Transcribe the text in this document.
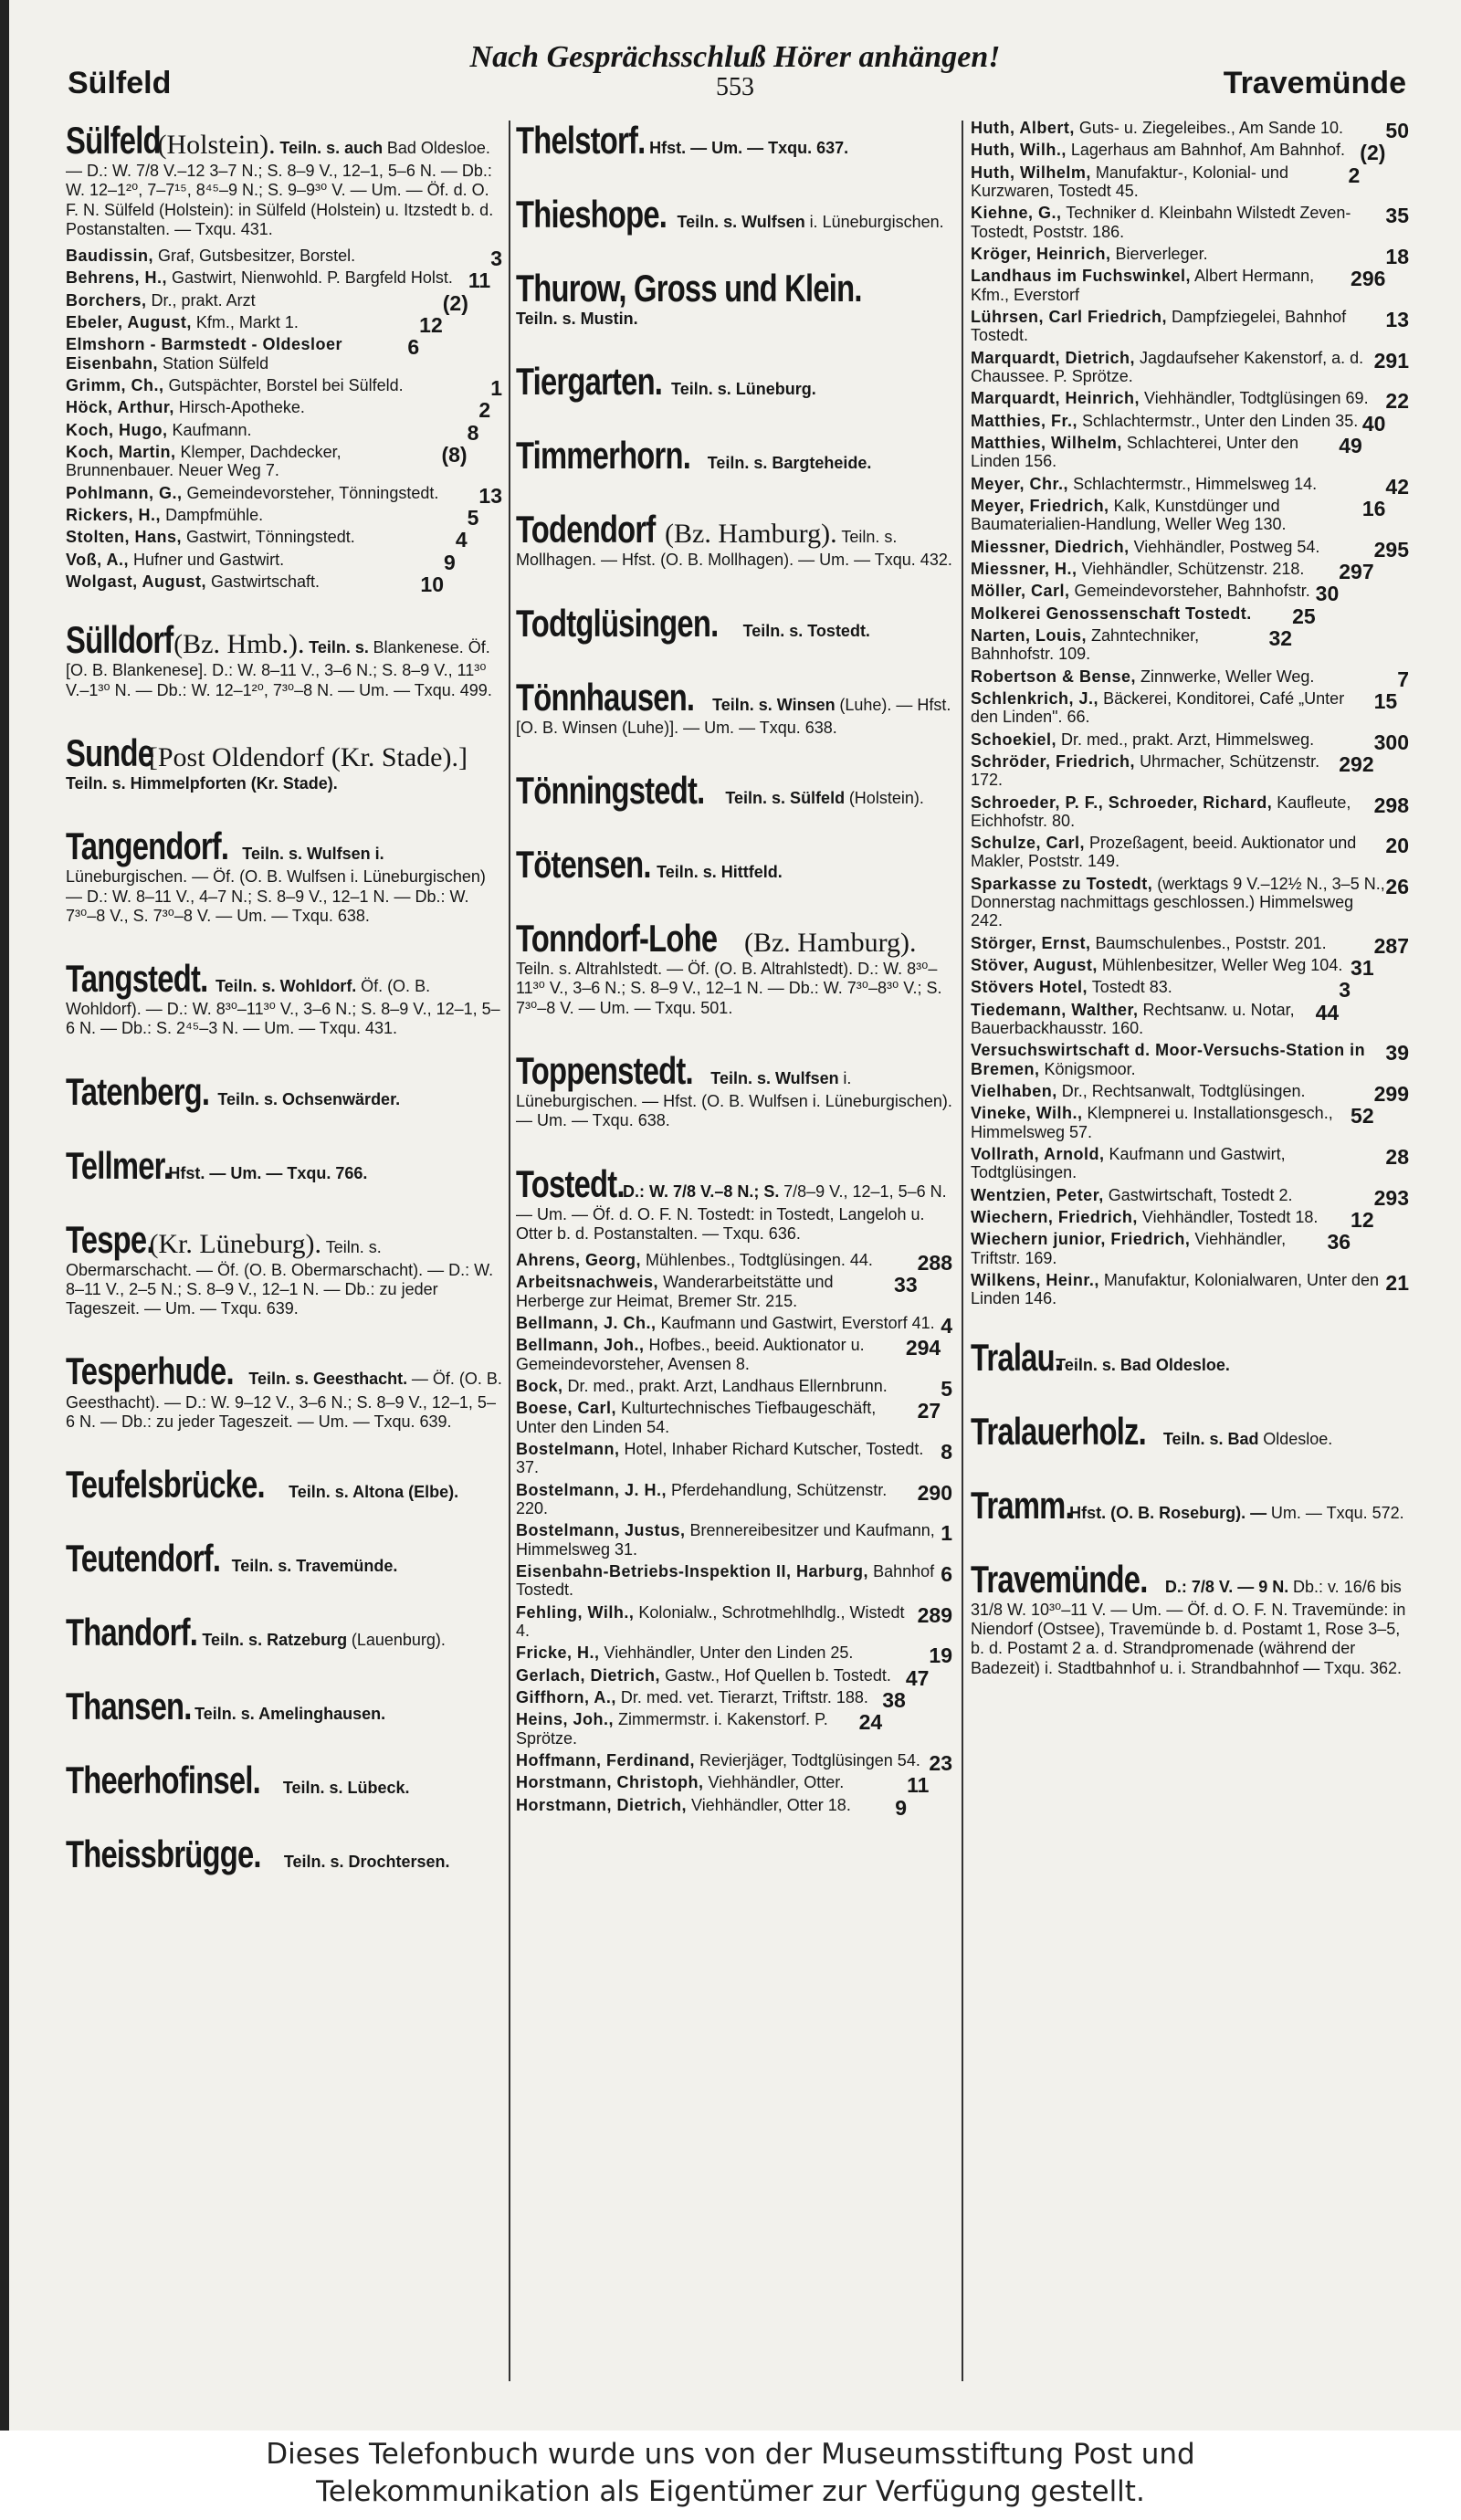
Nach Gesprächsschluß Hörer anhängen!
553
Sülfeld	Travemünde
Sülfeld (Holstein). Teiln. s. auch Bad Oldesloe. — D.: W. 7/8 V.–12 3–7 N.; S. 8–9 V., 12–1, 5–6 N. — Db.: W. 12–1²⁰, 7–7¹⁵, 8⁴⁵–9 N.; S. 9–9³⁰ V. — Um. — Öf. d. O. F. N. Sülfeld (Holstein): in Sülfeld (Holstein) u. Itzstedt b. d. Postanstalten. — Txqu. 431.
3
Baudissin, Graf, Gutsbesitzer, Borstel.
11
Behrens, H., Gastwirt, Nienwohld. P. Bargfeld Holst.
(2)
Borchers, Dr., prakt. Arzt
12
Ebeler, August, Kfm., Markt 1.
6
Elmshorn - Barmstedt - Oldesloer Eisenbahn, Station Sülfeld
1
Grimm, Ch., Gutspächter, Borstel bei Sülfeld.
2
Höck, Arthur, Hirsch-Apotheke.
8
Koch, Hugo, Kaufmann.
(8)
Koch, Martin, Klemper, Dachdecker, Brunnenbauer. Neuer Weg 7.
13
Pohlmann, G., Gemeindevorsteher, Tönningstedt.
5
Rickers, H., Dampfmühle.
4
Stolten, Hans, Gastwirt, Tönningstedt.
9
Voß, A., Hufner und Gastwirt.
10
Wolgast, August, Gastwirtschaft.
Sülldorf (Bz. Hmb.). Teiln. s. Blankenese. Öf. [O. B. Blankenese]. D.: W. 8–11 V., 3–6 N.; S. 8–9 V., 11³⁰ V.–1³⁰ N. — Db.: W. 12–1²⁰, 7³⁰–8 N. — Um. — Txqu. 499.
Sunde [Post Oldendorf (Kr. Stade).] Teiln. s. Himmelpforten (Kr. Stade).
Tangendorf. Teiln. s. Wulfsen i. Lüneburgischen. — Öf. (O. B. Wulfsen i. Lüneburgischen) — D.: W. 8–11 V., 4–7 N.; S. 8–9 V., 12–1 N. — Db.: W. 7³⁰–8 V., S. 7³⁰–8 V. — Um. — Txqu. 638.
Tangstedt. Teiln. s. Wohldorf. Öf. (O. B. Wohldorf). — D.: W. 8³⁰–11³⁰ V., 3–6 N.; S. 8–9 V., 12–1, 5–6 N. — Db.: S. 2⁴⁵–3 N. — Um. — Txqu. 431.
Tatenberg. Teiln. s. Ochsenwärder.
Tellmer. Hfst. — Um. — Txqu. 766.
Tespe. (Kr. Lüneburg). Teiln. s. Obermarschacht. — Öf. (O. B. Obermarschacht). — D.: W. 8–11 V., 2–5 N.; S. 8–9 V., 12–1 N. — Db.: zu jeder Tageszeit. — Um. — Txqu. 639.
Tesperhude. Teiln. s. Geesthacht. — Öf. (O. B. Geesthacht). — D.: W. 9–12 V., 3–6 N.; S. 8–9 V., 12–1, 5–6 N. — Db.: zu jeder Tageszeit. — Um. — Txqu. 639.
Teufelsbrücke. Teiln. s. Altona (Elbe).
Teutendorf. Teiln. s. Travemünde.
Thandorf. Teiln. s. Ratzeburg (Lauenburg).
Thansen. Teiln. s. Amelinghausen.
Theerhofinsel. Teiln. s. Lübeck.
Theissbrügge. Teiln. s. Drochtersen.
Thelstorf. Hfst. — Um. — Txqu. 637.
Thieshope. Teiln. s. Wulfsen i. Lüneburgischen.
Thurow, Gross und Klein. Teiln. s. Mustin.
Tiergarten. Teiln. s. Lüneburg.
Timmerhorn. Teiln. s. Bargteheide.
Todendorf (Bz. Hamburg). Teiln. s. Mollhagen. — Hfst. (O. B. Mollhagen). — Um. — Txqu. 432.
Todtglüsingen. Teiln. s. Tostedt.
Tönnhausen. Teiln. s. Winsen (Luhe). — Hfst. [O. B. Winsen (Luhe)]. — Um. — Txqu. 638.
Tönningstedt. Teiln. s. Sülfeld (Holstein).
Tötensen. Teiln. s. Hittfeld.
Tonndorf-Lohe (Bz. Hamburg). Teiln. s. Altrahlstedt. — Öf. (O. B. Altrahlstedt). D.: W. 8³⁰–11³⁰ V., 3–6 N.; S. 8–9 V., 12–1 N. — Db.: W. 7³⁰–8³⁰ V.; S. 7³⁰–8 V. — Um. — Txqu. 501.
Toppenstedt. Teiln. s. Wulfsen i. Lüneburgischen. — Hfst. (O. B. Wulfsen i. Lüneburgischen). — Um. — Txqu. 638.
Tostedt. D.: W. 7/8 V.–8 N.; S. 7/8–9 V., 12–1, 5–6 N. — Um. — Öf. d. O. F. N. Tostedt: in Tostedt, Langeloh u. Otter b. d. Postanstalten. — Txqu. 636.
288
Ahrens, Georg, Mühlenbes., Todtglüsingen. 44.
33
Arbeitsnachweis, Wanderarbeitstätte und Herberge zur Heimat, Bremer Str. 215.
4
Bellmann, J. Ch., Kaufmann und Gastwirt, Everstorf 41.
294
Bellmann, Joh., Hofbes., beeid. Auktionator u. Gemeindevorsteher, Avensen 8.
5
Bock, Dr. med., prakt. Arzt, Landhaus Ellernbrunn.
27
Boese, Carl, Kulturtechnisches Tiefbaugeschäft, Unter den Linden 54.
8
Bostelmann, Hotel, Inhaber Richard Kutscher, Tostedt. 37.
290
Bostelmann, J. H., Pferdehandlung, Schützenstr. 220.
1
Bostelmann, Justus, Brennereibesitzer und Kaufmann, Himmelsweg 31.
6
Eisenbahn-Betriebs-Inspektion II, Harburg, Bahnhof Tostedt.
289
Fehling, Wilh., Kolonialw., Schrotmehlhdlg., Wistedt 4.
19
Fricke, H., Viehhändler, Unter den Linden 25.
47
Gerlach, Dietrich, Gastw., Hof Quellen b. Tostedt.
38
Giffhorn, A., Dr. med. vet. Tierarzt, Triftstr. 188.
24
Heins, Joh., Zimmermstr. i. Kakenstorf. P. Sprötze.
23
Hoffmann, Ferdinand, Revierjäger, Todtglüsingen 54.
11
Horstmann, Christoph, Viehhändler, Otter.
9
Horstmann, Dietrich, Viehhändler, Otter 18.
50
Huth, Albert, Guts- u. Ziegeleibes., Am Sande 10.
(2)
Huth, Wilh., Lagerhaus am Bahnhof, Am Bahnhof.
2
Huth, Wilhelm, Manufaktur-, Kolonial- und Kurzwaren, Tostedt 45.
35
Kiehne, G., Techniker d. Kleinbahn Wilstedt Zeven-Tostedt, Poststr. 186.
18
Kröger, Heinrich, Bierverleger.
296
Landhaus im Fuchswinkel, Albert Hermann, Kfm., Everstorf
13
Lührsen, Carl Friedrich, Dampfziegelei, Bahnhof Tostedt.
291
Marquardt, Dietrich, Jagdaufseher Kakenstorf, a. d. Chaussee. P. Sprötze.
22
Marquardt, Heinrich, Viehhändler, Todtglüsingen 69.
40
Matthies, Fr., Schlachtermstr., Unter den Linden 35.
49
Matthies, Wilhelm, Schlachterei, Unter den Linden 156.
42
Meyer, Chr., Schlachtermstr., Himmelsweg 14.
16
Meyer, Friedrich, Kalk, Kunstdünger und Baumaterialien-Handlung, Weller Weg 130.
295
Miessner, Diedrich, Viehhändler, Postweg 54.
297
Miessner, H., Viehhändler, Schützenstr. 218.
30
Möller, Carl, Gemeindevorsteher, Bahnhofstr.
25
Molkerei Genossenschaft Tostedt.
32
Narten, Louis, Zahntechniker, Bahnhofstr. 109.
7
Robertson & Bense, Zinnwerke, Weller Weg.
15
Schlenkrich, J., Bäckerei, Konditorei, Café „Unter den Linden". 66.
300
Schoekiel, Dr. med., prakt. Arzt, Himmelsweg.
292
Schröder, Friedrich, Uhrmacher, Schützenstr. 172.
298
Schroeder, P. F., Schroeder, Richard, Kaufleute, Eichhofstr. 80.
20
Schulze, Carl, Prozeßagent, beeid. Auktionator und Makler, Poststr. 149.
26
Sparkasse zu Tostedt, (werktags 9 V.–12½ N., 3–5 N., Donnerstag nachmittags geschlossen.) Himmelsweg 242.
287
Störger, Ernst, Baumschulenbes., Poststr. 201.
31
Stöver, August, Mühlenbesitzer, Weller Weg 104.
3
Stövers Hotel, Tostedt 83.
44
Tiedemann, Walther, Rechtsanw. u. Notar, Bauerbackhausstr. 160.
39
Versuchswirtschaft d. Moor-Versuchs-Station in Bremen, Königsmoor.
299
Vielhaben, Dr., Rechtsanwalt, Todtglüsingen.
52
Vineke, Wilh., Klempnerei u. Installationsgesch., Himmelsweg 57.
28
Vollrath, Arnold, Kaufmann und Gastwirt, Todtglüsingen.
293
Wentzien, Peter, Gastwirtschaft, Tostedt 2.
12
Wiechern, Friedrich, Viehhändler, Tostedt 18.
36
Wiechern junior, Friedrich, Viehhändler, Triftstr. 169.
21
Wilkens, Heinr., Manufaktur, Kolonialwaren, Unter den Linden 146.
Tralau. Teiln. s. Bad Oldesloe.
Tralauerholz. Teiln. s. Bad Oldesloe.
Tramm. Hfst. (O. B. Roseburg). — Um. — Txqu. 572.
Travemünde. D.: 7/8 V. — 9 N. Db.: v. 16/6 bis 31/8 W. 10³⁰–11 V. — Um. — Öf. d. O. F. N. Travemünde: in Niendorf (Ostsee), Travemünde b. d. Postamt 1, Rose 3–5, b. d. Postamt 2 a. d. Strandpromenade (während der Badezeit) i. Stadtbahnhof u. i. Strandbahnhof — Txqu. 362.
Dieses Telefonbuch wurde uns von der Museumsstiftung Post und
Telekommunikation als Eigentümer zur Verfügung gestellt.
